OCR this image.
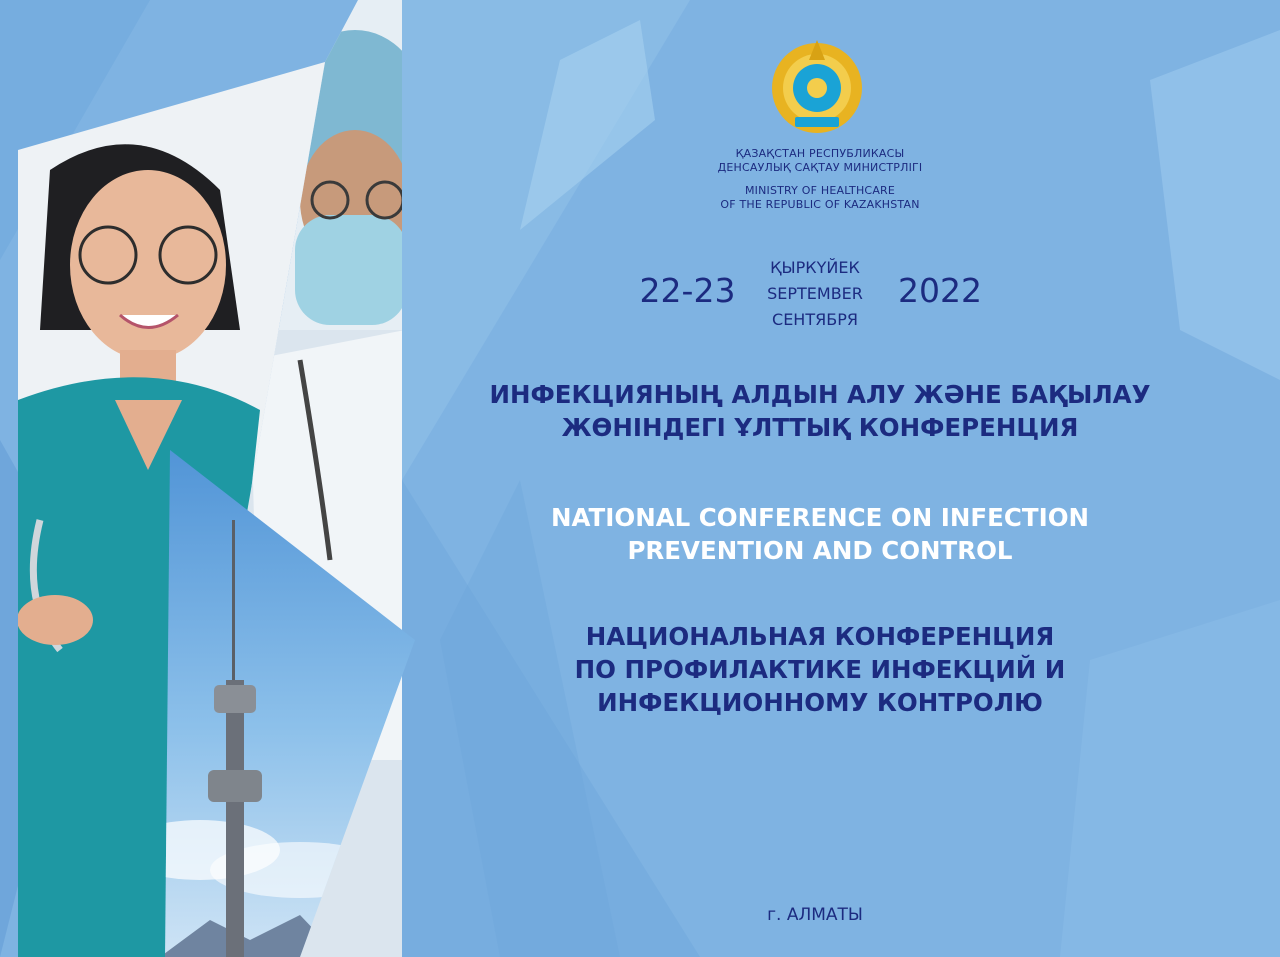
ҚАЗАҚСТАН РЕСПУБЛИКАСЫ
ДЕНСАУЛЫҚ САҚТАУ МИНИСТРЛІГІ
MINISTRY OF HEALTHCARE
OF THE REPUBLIC OF KAZAKHSTAN
22-23
ҚЫРКҮЙЕК
SEPTEMBER
СЕНТЯБРЯ
2022
ИНФЕКЦИЯНЫҢ АЛДЫН АЛУ ЖӘНЕ БАҚЫЛАУ
ЖӨНІНДЕГІ ҰЛТТЫҚ КОНФЕРЕНЦИЯ
NATIONAL CONFERENCE ON INFECTION
PREVENTION AND CONTROL
НАЦИОНАЛЬНАЯ КОНФЕРЕНЦИЯ
ПО ПРОФИЛАКТИКЕ ИНФЕКЦИЙ И
ИНФЕКЦИОННОМУ КОНТРОЛЮ
г. АЛМАТЫ
